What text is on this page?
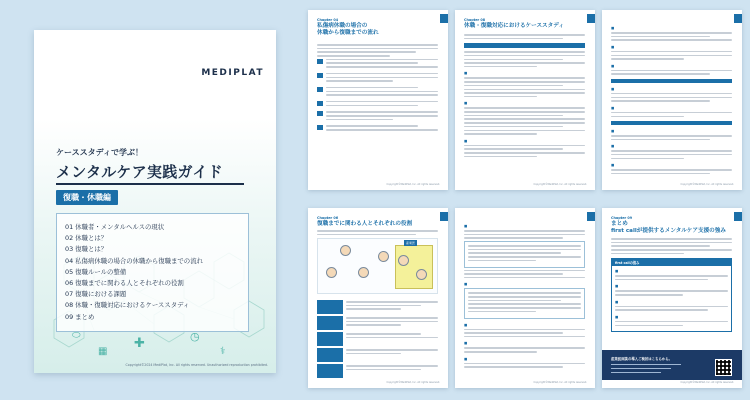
MEDIPLAT
ケーススタディで学ぶ！
メンタルケア実践ガイド
復職・休職編
01 休職者・メンタルヘルスの現状
02 休職とは？
03 復職とは？
04 私傷病休職の場合の休職から復職までの流れ
05 復職ルールの整備
06 復職までに関わる人とそれぞれの役割
07 復職における課題
08 休職・復職対応におけるケーススタディ
09 まとめ
✚
⬭
▦
◷
⚕
Copyright©2024 MediPlat, Inc. All rights reserved. Unauthorized reproduction prohibited.
Chapter 04
私傷病休職の場合の
休職から復職までの流れ
Copyright©MediPlat, Inc. All rights reserved.
Chapter 08
休職・復職対応におけるケーススタディ
■
■
■
Copyright©MediPlat, Inc. All rights reserved.
■
■
■
■
■
■
■
■
Copyright©MediPlat, Inc. All rights reserved.
Chapter 06
復職までに関わる人とそれぞれの役割
産業医
Copyright©MediPlat, Inc. All rights reserved.
■
■
■
■
■
Copyright©MediPlat, Inc. All rights reserved.
Chapter 09
まとめ
first callが提供するメンタルケア支援の強み
first callの強み
■
■
■
■
産業医面談の導入ご検討はこちらから。
Copyright©MediPlat, Inc. All rights reserved.
